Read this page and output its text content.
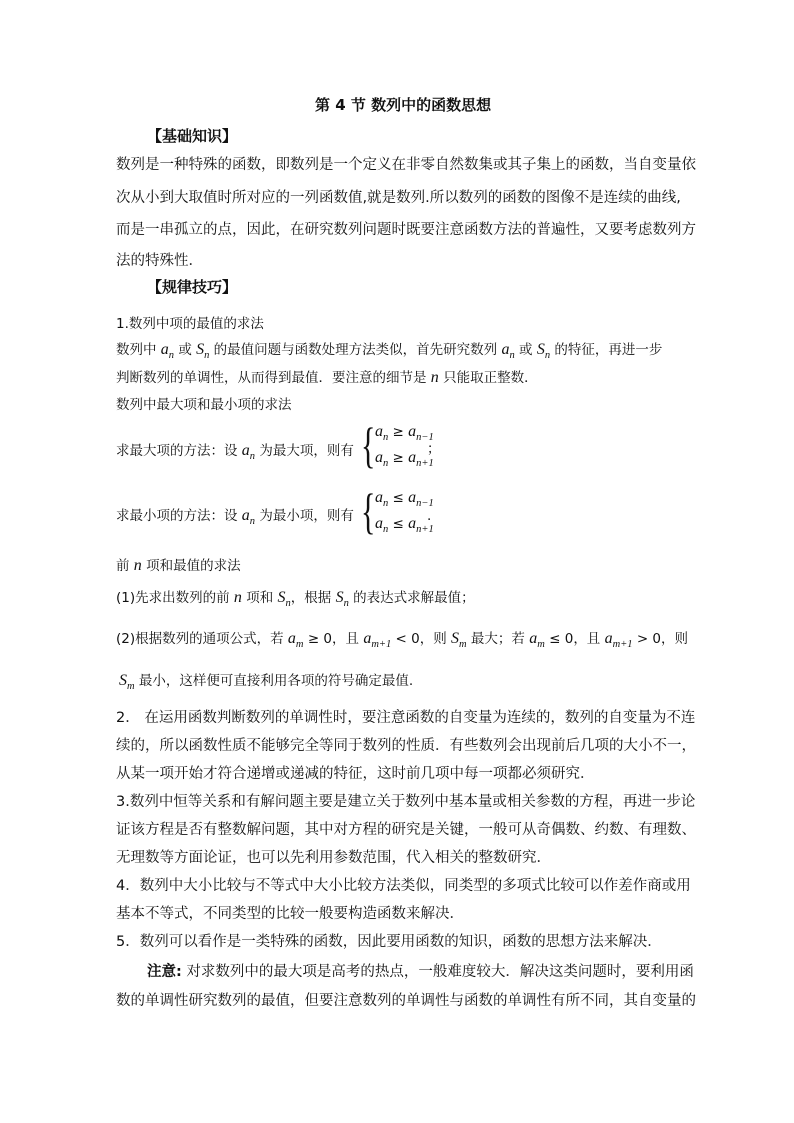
第 4 节 数列中的函数思想
【基础知识】
数列是一种特殊的函数，即数列是一个定义在非零自然数集或其子集上的函数，当自变量依
次从小到大取值时所对应的一列函数值,就是数列.所以数列的函数的图像不是连续的曲线,
而是一串孤立的点，因此，在研究数列问题时既要注意函数方法的普遍性，又要考虑数列方
法的特殊性．
【规律技巧】
1.数列中项的最值的求法
数列中 $a_n$ 或 $S_n$ 的最值问题与函数处理方法类似，首先研究数列 $a_n$ 或 $S_n$ 的特征，再进一步
判断数列的单调性，从而得到最值．要注意的细节是 n 只能取正整数．
数列中最大项和最小项的求法
求最大项的方法：设 $a_n$ 为最大项，则有 { $a_n \ge a_{n-1}$
$a_n \ge a_{n+1}$
；
求最小项的方法：设 $a_n$ 为最小项，则有 { $a_n \le a_{n-1}$
$a_n \le a_{n+1}$
.
前 n 项和最值的求法
(1)先求出数列的前 n 项和 $S_n$，根据 $S_n$ 的表达式求解最值；
(2)根据数列的通项公式，若 $a_m \ge 0$，且 $a_{m+1} < 0$，则 $S_m$ 最大；若 $a_m \le 0$，且 $a_{m+1} > 0$，则
$S_m$ 最小，这样便可直接利用各项的符号确定最值.
2． 在运用函数判断数列的单调性时，要注意函数的自变量为连续的，数列的自变量为不连
续的，所以函数性质不能够完全等同于数列的性质．有些数列会出现前后几项的大小不一，
从某一项开始才符合递增或递减的特征，这时前几项中每一项都必须研究．
3.数列中恒等关系和有解问题主要是建立关于数列中基本量或相关参数的方程，再进一步论
证该方程是否有整数解问题，其中对方程的研究是关键，一般可从奇偶数、约数、有理数、
无理数等方面论证，也可以先利用参数范围，代入相关的整数研究．
4．数列中大小比较与不等式中大小比较方法类似，同类型的多项式比较可以作差作商或用
基本不等式，不同类型的比较一般要构造函数来解决．
5．数列可以看作是一类特殊的函数，因此要用函数的知识，函数的思想方法来解决．
注意: 对求数列中的最大项是高考的热点，一般难度较大．解决这类问题时，要利用函
数的单调性研究数列的最值，但要注意数列的单调性与函数的单调性有所不同，其自变量的
